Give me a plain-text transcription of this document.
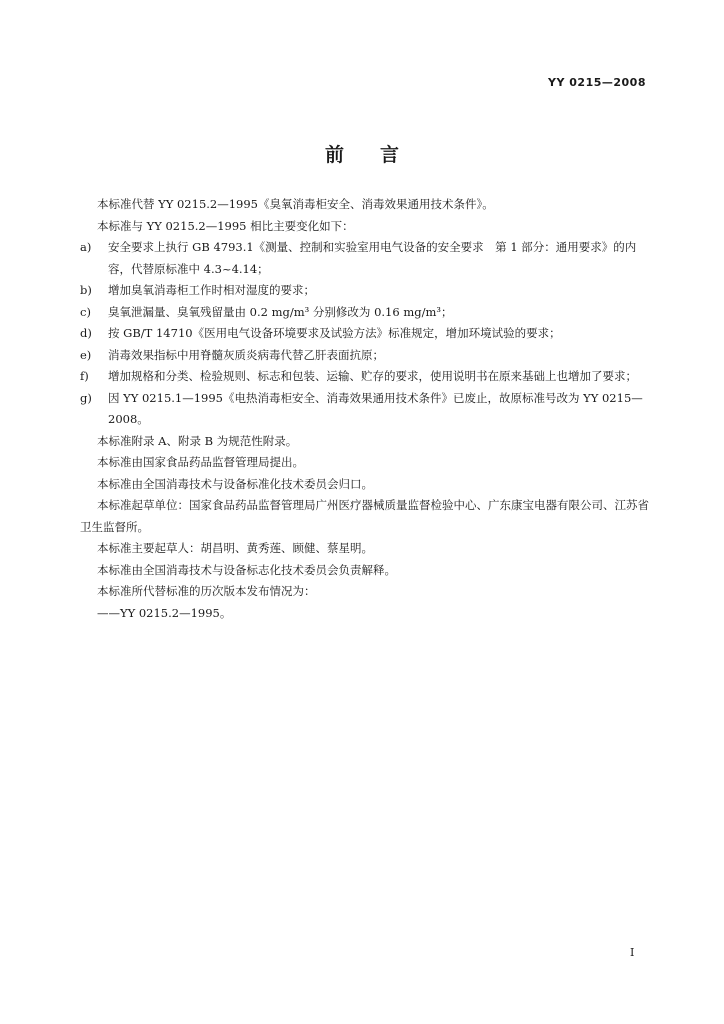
YY 0215—2008
前言

本标准代替 YY 0215.2—1995《臭氧消毒柜安全、消毒效果通用技术条件》。

本标准与 YY 0215.2—1995 相比主要变化如下：

a)	安全要求上执行 GB 4793.1《测量、控制和实验室用电气设备的安全要求　第 1 部分：通用要求》的内容，代替原标准中 4.3~4.14；
b)	增加臭氧消毒柜工作时相对湿度的要求；
c)	臭氧泄漏量、臭氧残留量由 0.2 mg/m³ 分别修改为 0.16 mg/m³；
d)	按 GB/T 14710《医用电气设备环境要求及试验方法》标准规定，增加环境试验的要求；
e)	消毒效果指标中用脊髓灰质炎病毒代替乙肝表面抗原；
f)	增加规格和分类、检验规则、标志和包装、运输、贮存的要求，使用说明书在原来基础上也增加了要求；
g)	因 YY 0215.1—1995《电热消毒柜安全、消毒效果通用技术条件》已废止，故原标准号改为 YY 0215—2008。

本标准附录 A、附录 B 为规范性附录。

本标准由国家食品药品监督管理局提出。

本标准由全国消毒技术与设备标准化技术委员会归口。

本标准起草单位：国家食品药品监督管理局广州医疗器械质量监督检验中心、广东康宝电器有限公司、江苏省卫生监督所。

本标准主要起草人：胡昌明、黄秀莲、顾健、蔡星明。

本标准由全国消毒技术与设备标志化技术委员会负责解释。

本标准所代替标准的历次版本发布情况为：

——YY 0215.2—1995。

I
